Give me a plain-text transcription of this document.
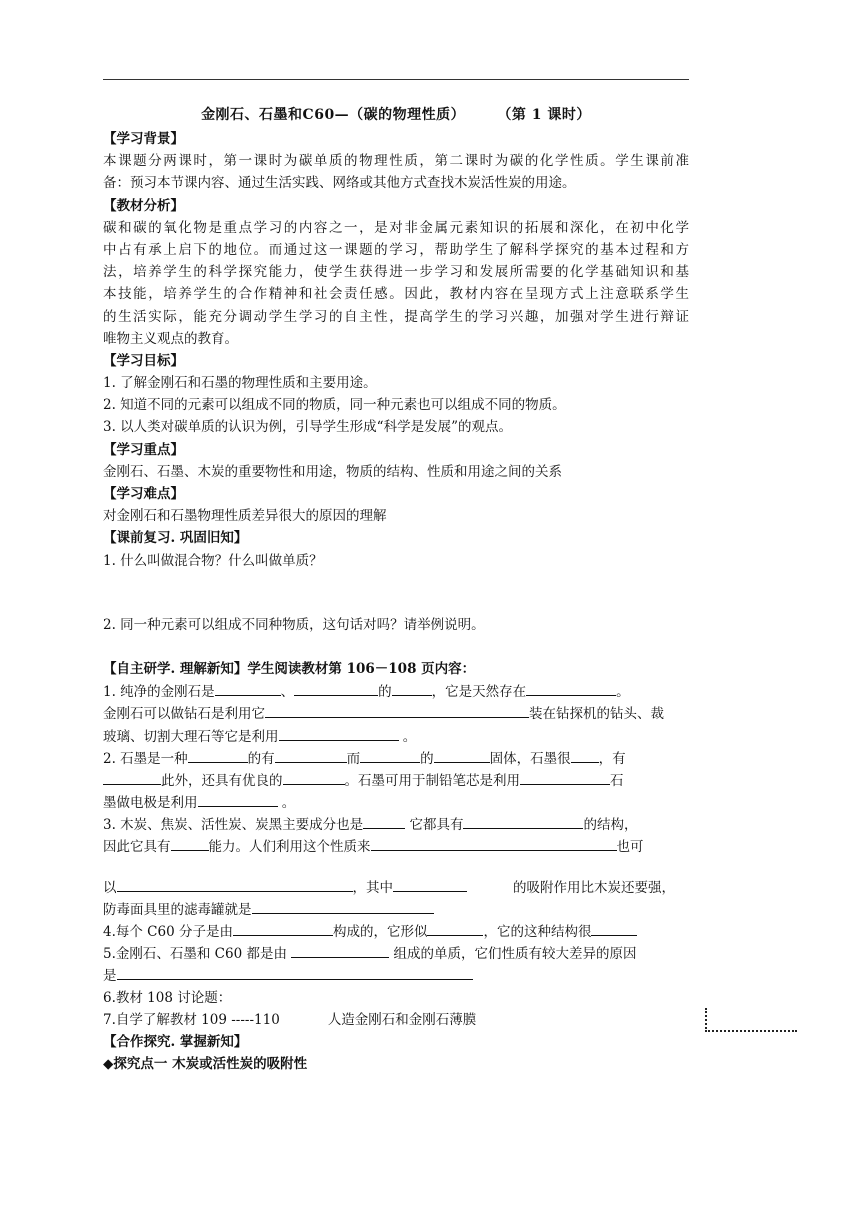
金刚石、石墨和C60—（碳的物理性质）      （第 1 课时）
【学习背景】
本课题分两课时，第一课时为碳单质的物理性质，第二课时为碳的化学性质。学生课前准
备：预习本节课内容、通过生活实践、网络或其他方式查找木炭活性炭的用途。
【教材分析】
碳和碳的氧化物是重点学习的内容之一，是对非金属元素知识的拓展和深化，在初中化学
中占有承上启下的地位。而通过这一课题的学习，帮助学生了解科学探究的基本过程和方
法，培养学生的科学探究能力，使学生获得进一步学习和发展所需要的化学基础知识和基
本技能，培养学生的合作精神和社会责任感。因此，教材内容在呈现方式上注意联系学生
的生活实际，能充分调动学生学习的自主性，提高学生的学习兴趣，加强对学生进行辩证
唯物主义观点的教育。
【学习目标】
1. 了解金刚石和石墨的物理性质和主要用途。
2. 知道不同的元素可以组成不同的物质，同一种元素也可以组成不同的物质。
3. 以人类对碳单质的认识为例，引导学生形成“科学是发展”的观点。
【学习重点】
金刚石、石墨、木炭的重要物性和用途，物质的结构、性质和用途之间的关系
【学习难点】
对金刚石和石墨物理性质差异很大的原因的理解
【课前复习. 巩固旧知】
1. 什么叫做混合物？什么叫做单质？
2. 同一种元素可以组成不同种物质，这句话对吗？请举例说明。
【自主研学. 理解新知】学生阅读教材第 106－108 页内容：
1. 纯净的金刚石是	、	的	，它是天然存在	。
金刚石可以做钻石是利用它	装在钻探机的钻头、裁
玻璃、切割大理石等它是利用	。
2. 石墨是一种	的有	而	的	固体，石墨很 ，有
此外，还具有优良的	。石墨可用于制铅笔芯是利用	石
墨做电极是利用	。
3. 木炭、焦炭、活性炭、炭黑主要成分也是	它都具有	的结构，
因此它具有	能力。人们利用这个性质来	也可
以	，其中	的吸附作用比木炭还要强，
防毒面具里的滤毒罐就是
4.每个 C60 分子是由	构成的，它形似	，它的这种结构很
5.金刚石、石墨和 C60 都是由	组成的单质，它们性质有较大差异的原因
是
6.教材 108 讨论题：
7.自学了解教材 109 -----110	人造金刚石和金刚石薄膜
【合作探究. 掌握新知】
◆探究点一 木炭或活性炭的吸附性
